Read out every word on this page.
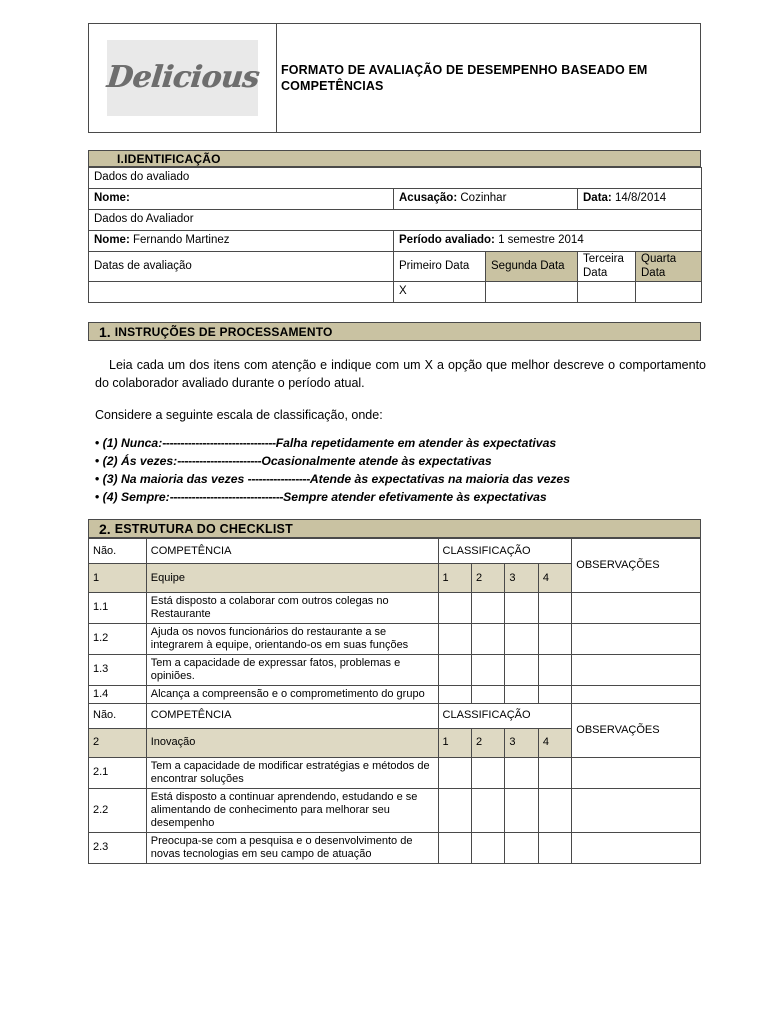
Delicious	FORMATO DE AVALIAÇÃO DE DESEMPENHO BASEADO EM COMPETÊNCIAS
I.IDENTIFICAÇÃO
Dados do avaliado				
Nome:	Acusação: Cozinhar		Data: 14/8/2014	
Dados do Avaliador				
Nome: Fernando Martinez	Período avaliado: 1 semestre 2014			
Datas de avaliação	Primeiro Data	Segunda Data	Terceira Data	Quarta Data
	X			
1. INSTRUÇÕES DE PROCESSAMENTO

Leia cada um dos itens com atenção e indique com um X a opção que melhor descreve o comportamento do colaborador avaliado durante o período atual.

Considere a seguinte escala de classificação, onde:

• (1) Nunca:-------------------------------Falha repetidamente em atender às expectativas
• (2) Ás vezes:-----------------------Ocasionalmente atende às expectativas
• (3) Na maioria das vezes -----------------Atende às expectativas na maioria das vezes
• (4) Sempre:-------------------------------Sempre atender efetivamente às expectativas
2. ESTRUTURA DO CHECKLIST
Não.	COMPETÊNCIA	CLASSIFICAÇÃO				OBSERVAÇÕES
1	Equipe	1	2	3	4	
1.1	Está disposto a colaborar com outros colegas no Restaurante					
1.2	Ajuda os novos funcionários do restaurante a se integrarem à equipe, orientando-os em suas funções					
1.3	Tem a capacidade de expressar fatos, problemas e opiniões.					
1.4	Alcança a compreensão e o comprometimento do grupo					
Não.	COMPETÊNCIA	CLASSIFICAÇÃO				OBSERVAÇÕES
2	Inovação	1	2	3	4	
2.1	Tem a capacidade de modificar estratégias e métodos de encontrar soluções					
2.2	Está disposto a continuar aprendendo, estudando e se alimentando de conhecimento para melhorar seu desempenho					
2.3	Preocupa-se com a pesquisa e o desenvolvimento de novas tecnologias em seu campo de atuação					
